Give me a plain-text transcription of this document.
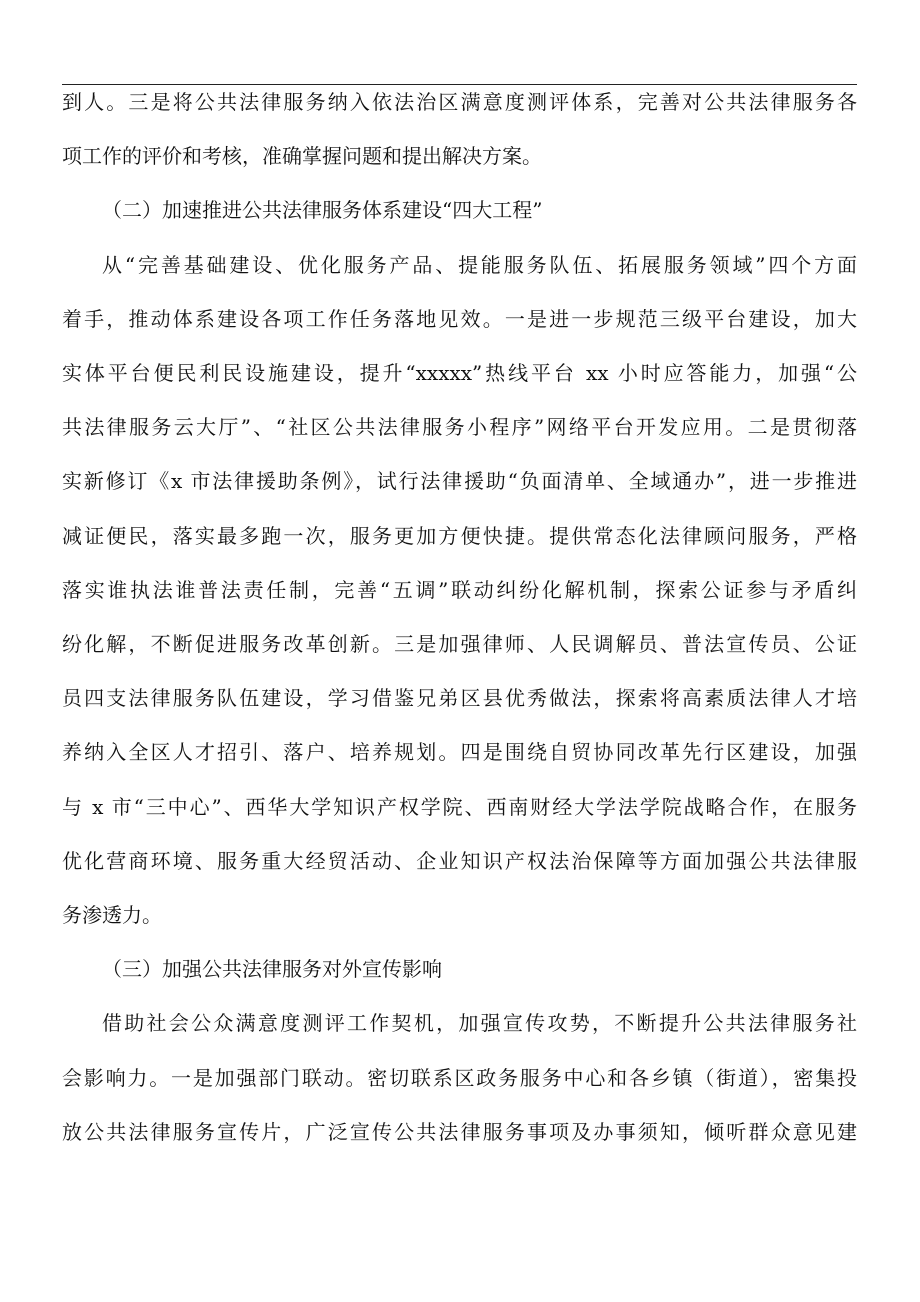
到人。三是将公共法律服务纳入依法治区满意度测评体系，完善对公共法律服务各
项工作的评价和考核，准确掌握问题和提出解决方案。
（二）加速推进公共法律服务体系建设“四大工程”
从“完善基础建设、优化服务产品、提能服务队伍、拓展服务领域”四个方面
着手，推动体系建设各项工作任务落地见效。一是进一步规范三级平台建设，加大
实体平台便民利民设施建设，提升“xxxxx”热线平台 xx 小时应答能力，加强“公
共法律服务云大厅”、“社区公共法律服务小程序”网络平台开发应用。二是贯彻落
实新修订《x 市法律援助条例》，试行法律援助“负面清单、全域通办”，进一步推进
减证便民，落实最多跑一次，服务更加方便快捷。提供常态化法律顾问服务，严格
落实谁执法谁普法责任制，完善“五调”联动纠纷化解机制，探索公证参与矛盾纠
纷化解，不断促进服务改革创新。三是加强律师、人民调解员、普法宣传员、公证
员四支法律服务队伍建设，学习借鉴兄弟区县优秀做法，探索将高素质法律人才培
养纳入全区人才招引、落户、培养规划。四是围绕自贸协同改革先行区建设，加强
与 x 市“三中心”、西华大学知识产权学院、西南财经大学法学院战略合作，在服务
优化营商环境、服务重大经贸活动、企业知识产权法治保障等方面加强公共法律服
务渗透力。
（三）加强公共法律服务对外宣传影响
借助社会公众满意度测评工作契机，加强宣传攻势，不断提升公共法律服务社
会影响力。一是加强部门联动。密切联系区政务服务中心和各乡镇（街道），密集投
放公共法律服务宣传片，广泛宣传公共法律服务事项及办事须知，倾听群众意见建
